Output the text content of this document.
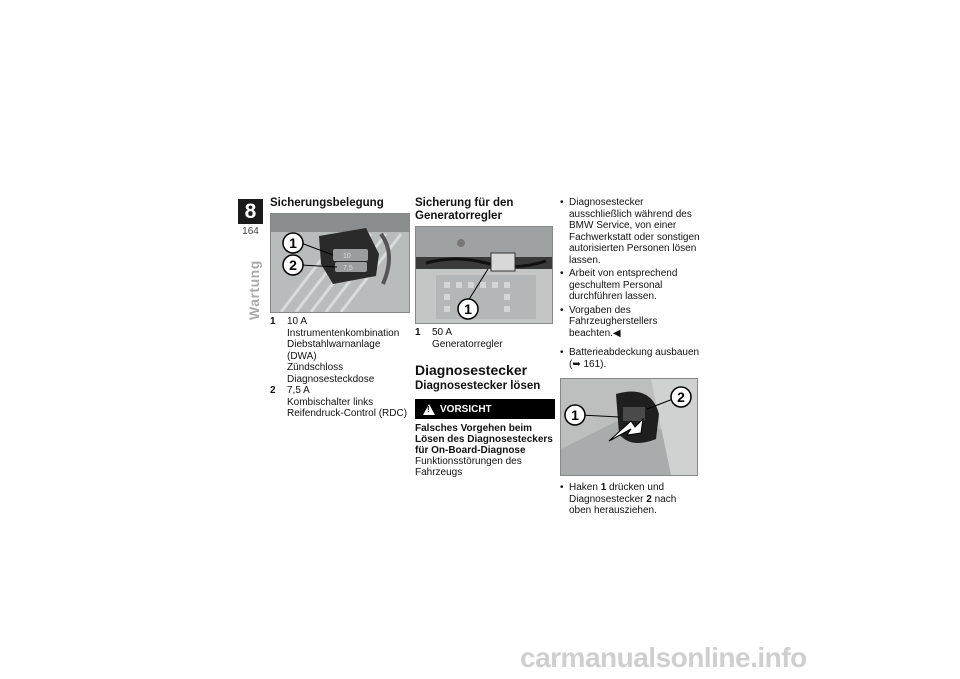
8
164
Wartung
Sicherungsbelegung
1
2
10
7,5
1	10 A
Instrumentenkombination
Diebstahlwarnanlage
(DWA)
Zündschloss
Diagnosesteckdose
2	7,5 A
Kombischalter links
Reifendruck-Control (RDC)
Sicherung für den Generatorregler
1
1	50 A
Generatorregler
Diagnosestecker
Diagnosestecker lösen
!
VORSICHT

Falsches Vorgehen beim Lösen des Diagnosesteckers für On-Board-Diagnose

Funktionsstörungen des Fahrzeugs
• Diagnosestecker ausschließlich während des BMW Service, von einer Fachwerkstatt oder sonstigen autorisierten Personen lösen lassen.
• Arbeit von entsprechend geschultem Personal durchführen lassen.
• Vorgaben des Fahrzeugherstellers beachten.◀
• Batterieabdeckung ausbauen (➥ 161).
1
2
• Haken 1 drücken und Diagnosestecker 2 nach oben herausziehen.
carmanualsonline.info
